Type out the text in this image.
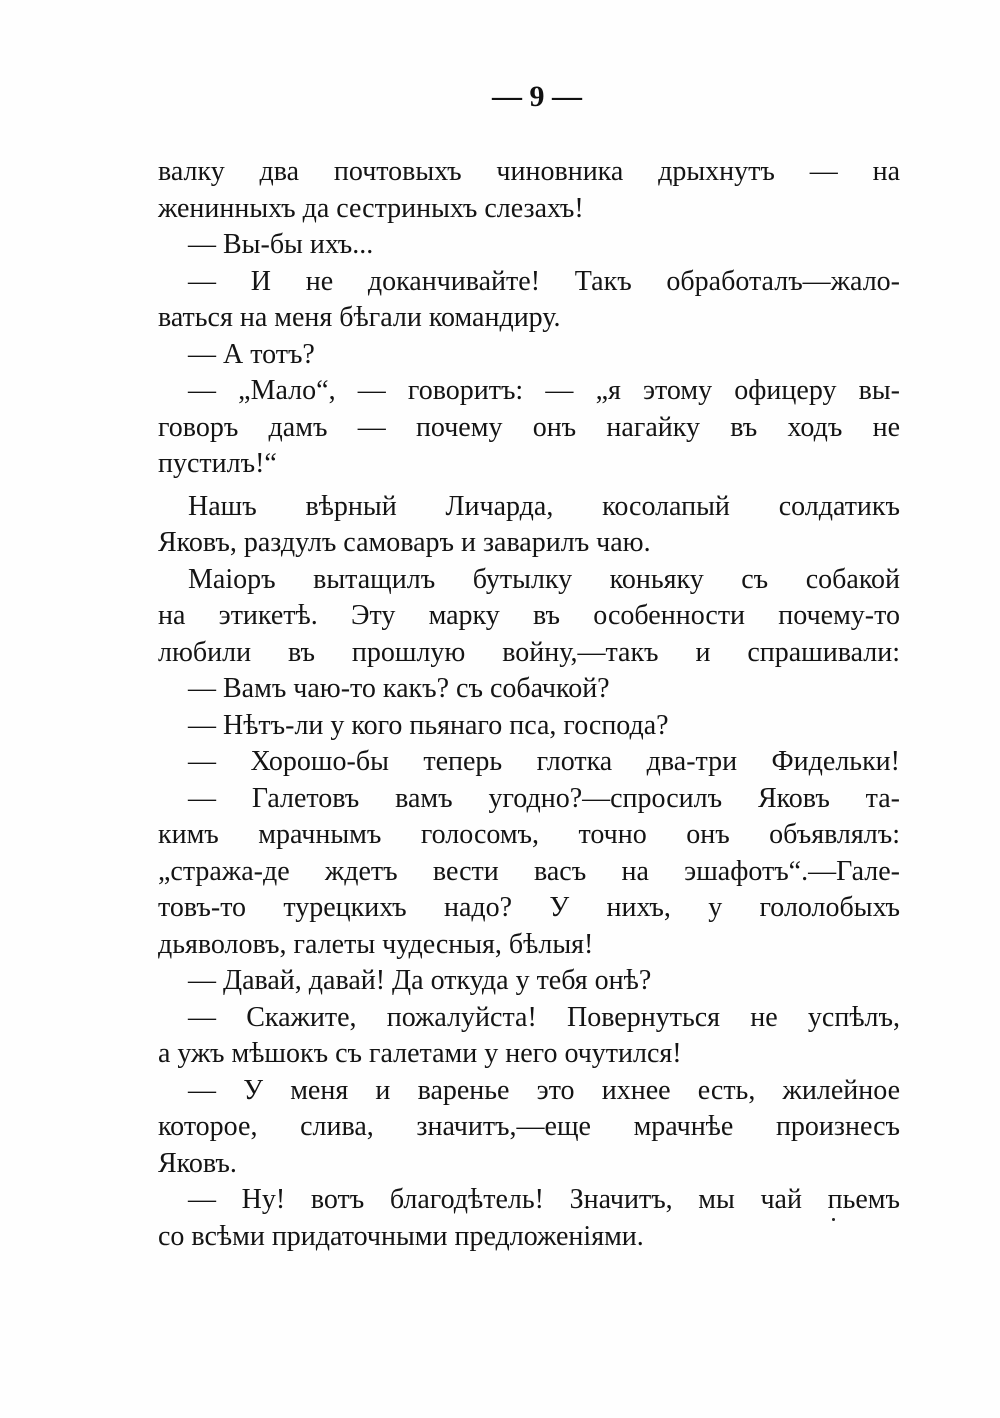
— 9 —
валку два почтовыхъ чиновника дрыхнутъ — на
женинныхъ да сестриныхъ слезахъ!
— Вы-бы ихъ...
— И не доканчивайте! Такъ обработалъ—жало-
ваться на меня бѣгали командиру.
— А тотъ?
— „Мало“, — говоритъ: — „я этому офицеру вы-
говоръ дамъ — почему онъ нагайку въ ходъ не
пустилъ!“
Нашъ вѣрный Личарда, косолапый солдатикъ
Яковъ, раздулъ самоваръ и заварилъ чаю.
Маіоръ вытащилъ бутылку коньяку съ собакой
на этикетѣ. Эту марку въ особенности почему-то
любили въ прошлую войну,—такъ и спрашивали:
— Вамъ чаю-то какъ? съ собачкой?
— Нѣтъ-ли у кого пьянаго пса, господа?
— Хорошо-бы теперь глотка два-три Фидельки!
— Галетовъ вамъ угодно?—спросилъ Яковъ та-
кимъ мрачнымъ голосомъ, точно онъ объявлялъ:
„стража-де ждетъ вести васъ на эшафотъ“.—Гале-
товъ-то турецкихъ надо? У нихъ, у гололобыхъ
дьяволовъ, галеты чудесныя, бѣлыя!
— Давай, давай! Да откуда у тебя онѣ?
— Скажите, пожалуйста! Повернуться не успѣлъ,
а ужъ мѣшокъ съ галетами у него очутился!
— У меня и варенье это ихнее есть, жилейное
которое, слива, значитъ,—еще мрачнѣе произнесъ
Яковъ.
— Ну! вотъ благодѣтель! Значитъ, мы чай пьемъ
со всѣми придаточными предложеніями.
